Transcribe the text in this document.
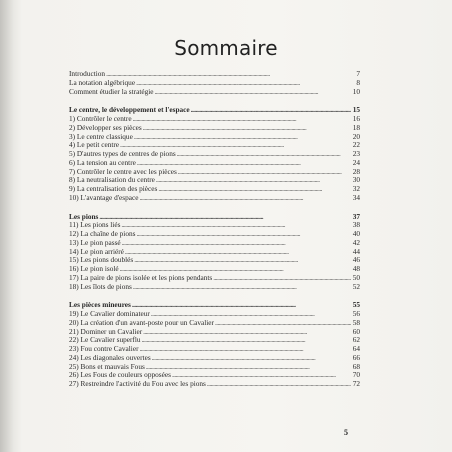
Sommaire
Introduction . . .	7
La notation algébrique . . .	8
Comment étudier la stratégie . . .	10
Le centre, le développement et l'espace . . .	15
1) Contrôler le centre . . .	16
2) Développer ses pièces . . .	18
3) Le centre classique . . .	20
4) Le petit centre . . .	22
5) D'autres types de centres de pions . . .	23
6) La tension au centre . . .	24
7) Contrôler le centre avec les pièces . . .	28
8) La neutralisation du centre . . .	30
9) La centralisation des pièces . . .	32
10) L'avantage d'espace . . .	34
Les pions . . .	37
11) Les pions liés . . .	38
12) La chaîne de pions . . .	40
13) Le pion passé . . .	42
14) Le pion arriéré . . .	44
15) Les pions doublés . . .	46
16) Le pion isolé . . .	48
17) La paire de pions isolée et les pions pendants . . .	50
18) Les îlots de pions . . .	52
Les pièces mineures . . .	55
19) Le Cavalier dominateur . . .	56
20) La création d'un avant-poste pour un Cavalier . . .	58
21) Dominer un Cavalier . . .	60
22) Le Cavalier superflu . . .	62
23) Fou contre Cavalier . . .	64
24) Les diagonales ouvertes . . .	66
25) Bons et mauvais Fous . . .	68
26) Les Fous de couleurs opposées . . .	70
27) Restreindre l'activité du Fou avec les pions . . .	72
5
